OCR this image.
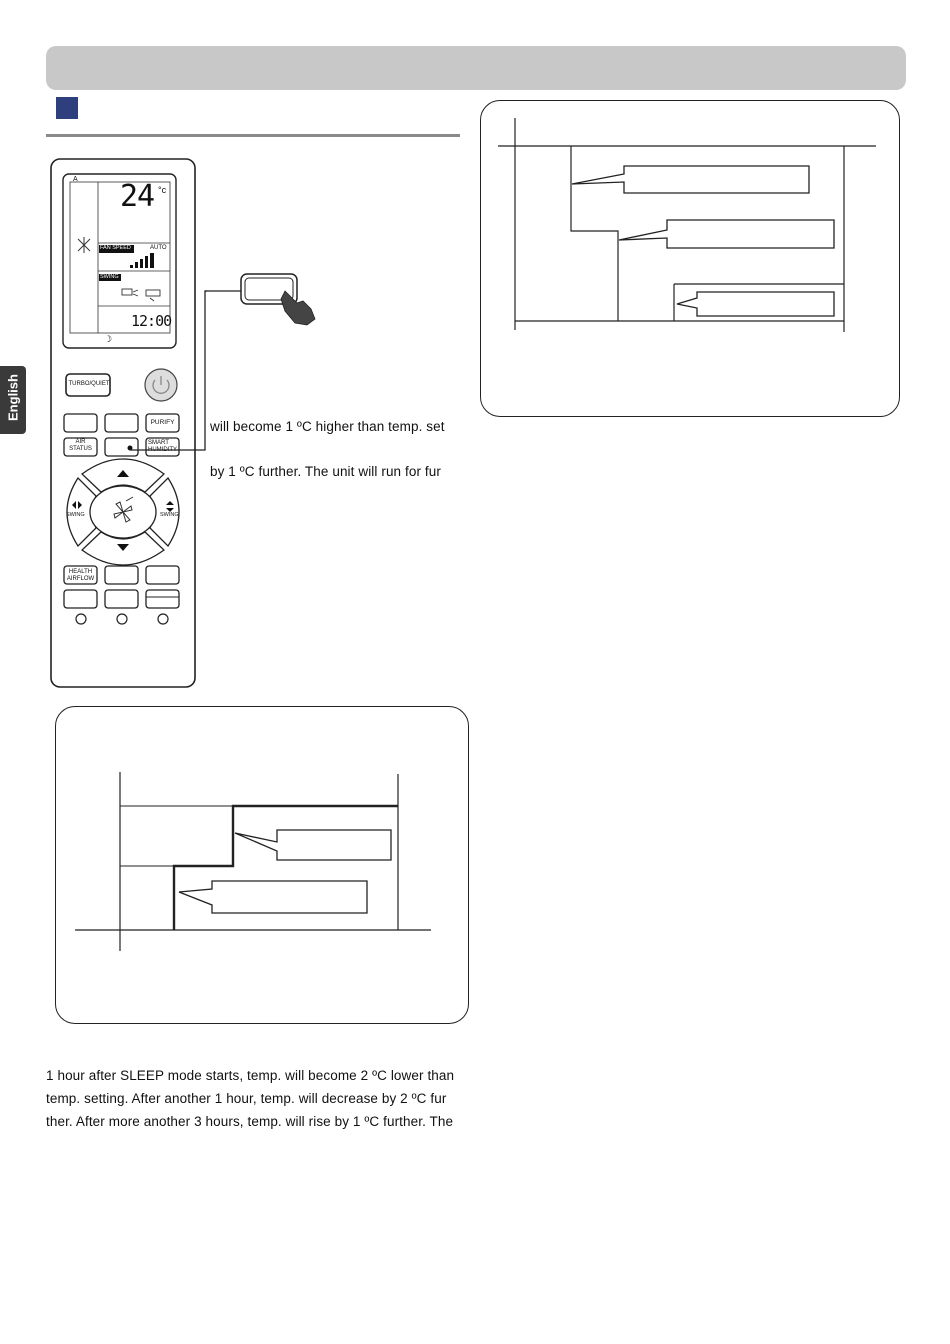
English
☽
A 24 °c
FAN SPEED	AUTO
SWING
12:00
TURBO/QUIET
PURIFY
AIR
STATUS
SMART
HUMIDITY
SWING	SWING
HEALTH
AIRFLOW
will become 1 ºC higher than temp. set
by 1 ºC further. The unit will run for fur
1 hour after SLEEP mode starts, temp. will become 2 ºC lower than
temp. setting. After another 1 hour, temp. will decrease by 2 ºC fur
ther. After more another 3 hours, temp. will rise by 1 ºC further. The
